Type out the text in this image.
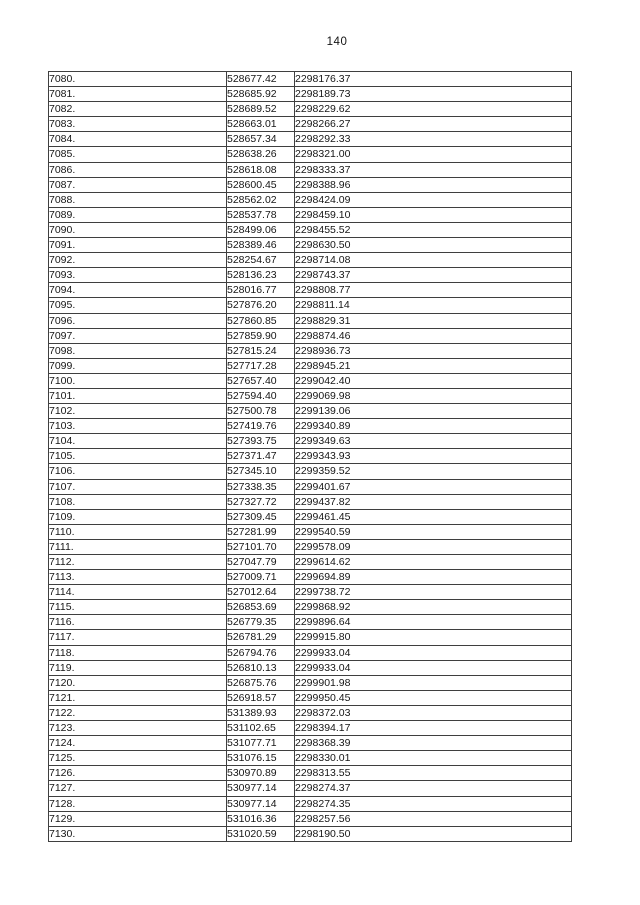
140
7080.	528677.42	2298176.37
7081.	528685.92	2298189.73
7082.	528689.52	2298229.62
7083.	528663.01	2298266.27
7084.	528657.34	2298292.33
7085.	528638.26	2298321.00
7086.	528618.08	2298333.37
7087.	528600.45	2298388.96
7088.	528562.02	2298424.09
7089.	528537.78	2298459.10
7090.	528499.06	2298455.52
7091.	528389.46	2298630.50
7092.	528254.67	2298714.08
7093.	528136.23	2298743.37
7094.	528016.77	2298808.77
7095.	527876.20	2298811.14
7096.	527860.85	2298829.31
7097.	527859.90	2298874.46
7098.	527815.24	2298936.73
7099.	527717.28	2298945.21
7100.	527657.40	2299042.40
7101.	527594.40	2299069.98
7102.	527500.78	2299139.06
7103.	527419.76	2299340.89
7104.	527393.75	2299349.63
7105.	527371.47	2299343.93
7106.	527345.10	2299359.52
7107.	527338.35	2299401.67
7108.	527327.72	2299437.82
7109.	527309.45	2299461.45
7110.	527281.99	2299540.59
7111.	527101.70	2299578.09
7112.	527047.79	2299614.62
7113.	527009.71	2299694.89
7114.	527012.64	2299738.72
7115.	526853.69	2299868.92
7116.	526779.35	2299896.64
7117.	526781.29	2299915.80
7118.	526794.76	2299933.04
7119.	526810.13	2299933.04
7120.	526875.76	2299901.98
7121.	526918.57	2299950.45
7122.	531389.93	2298372.03
7123.	531102.65	2298394.17
7124.	531077.71	2298368.39
7125.	531076.15	2298330.01
7126.	530970.89	2298313.55
7127.	530977.14	2298274.37
7128.	530977.14	2298274.35
7129.	531016.36	2298257.56
7130.	531020.59	2298190.50
